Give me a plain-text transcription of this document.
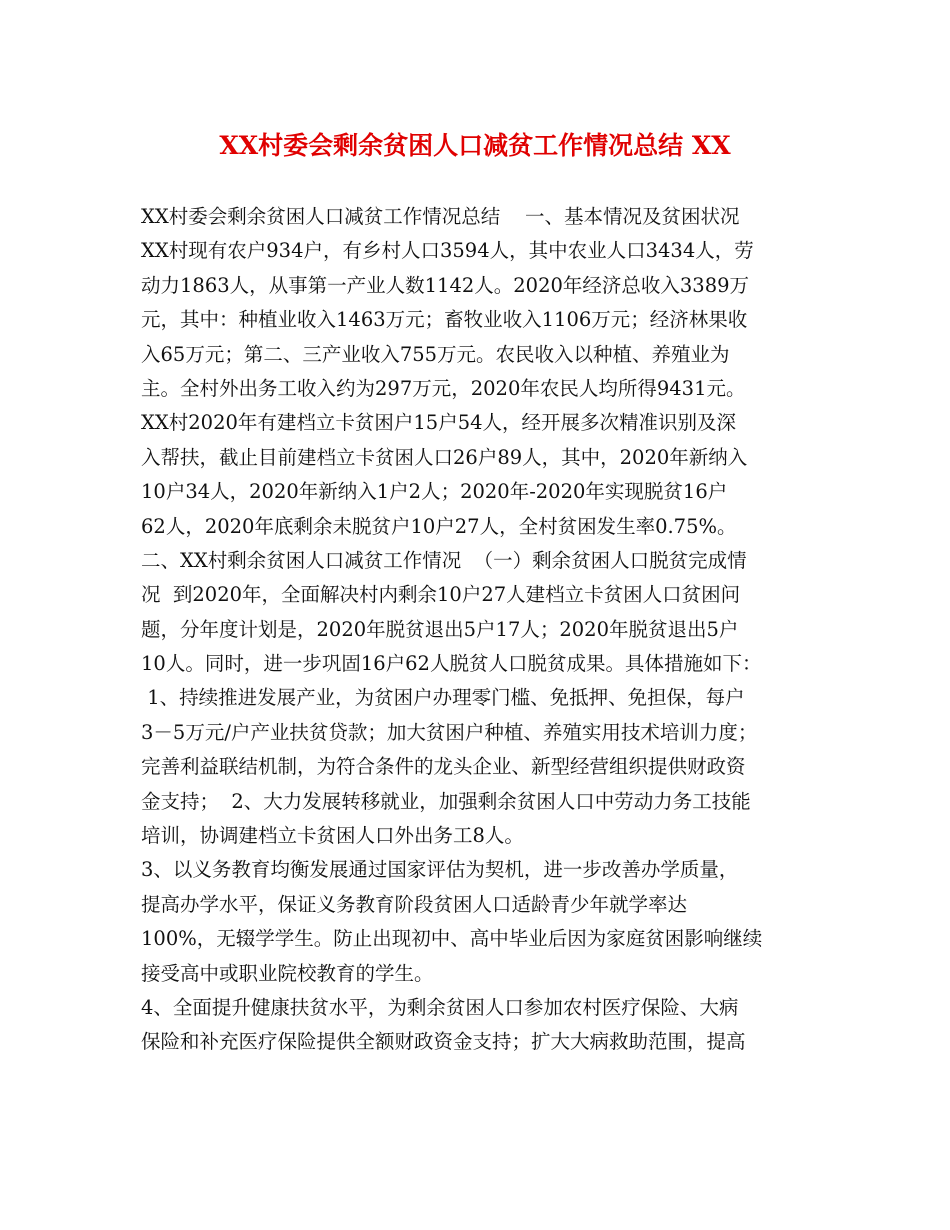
XX村委会剩余贫困人口减贫工作情况总结 XX
XX村委会剩余贫困人口减贫工作情况总结    一、基本情况及贫困状况
XX村现有农户934户，有乡村人口3594人，其中农业人口3434人，劳
动力1863人，从事第一产业人数1142人。2020年经济总收入3389万
元，其中：种植业收入1463万元；畜牧业收入1106万元；经济林果收
入65万元；第二、三产业收入755万元。农民收入以种植、养殖业为
主。全村外出务工收入约为297万元，2020年农民人均所得9431元。
XX村2020年有建档立卡贫困户15户54人，经开展多次精准识别及深
入帮扶，截止目前建档立卡贫困人口26户89人，其中，2020年新纳入
10户34人，2020年新纳入1户2人；2020年-2020年实现脱贫16户
62人，2020年底剩余未脱贫户10户27人，全村贫困发生率0.75%。
二、XX村剩余贫困人口减贫工作情况  （一）剩余贫困人口脱贫完成情
况  到2020年，全面解决村内剩余10户27人建档立卡贫困人口贫困问
题，分年度计划是，2020年脱贫退出5户17人；2020年脱贫退出5户
10人。同时，进一步巩固16户62人脱贫人口脱贫成果。具体措施如下：
1、持续推进发展产业，为贫困户办理零门槛、免抵押、免担保，每户
3－5万元/户产业扶贫贷款；加大贫困户种植、养殖实用技术培训力度；
完善利益联结机制，为符合条件的龙头企业、新型经营组织提供财政资
金支持；  2、大力发展转移就业，加强剩余贫困人口中劳动力务工技能
培训，协调建档立卡贫困人口外出务工8人。
3、以义务教育均衡发展通过国家评估为契机，进一步改善办学质量，
提高办学水平，保证义务教育阶段贫困人口适龄青少年就学率达
100%，无辍学学生。防止出现初中、高中毕业后因为家庭贫困影响继续
接受高中或职业院校教育的学生。
4、全面提升健康扶贫水平，为剩余贫困人口参加农村医疗保险、大病
保险和补充医疗保险提供全额财政资金支持；扩大大病救助范围，提高
